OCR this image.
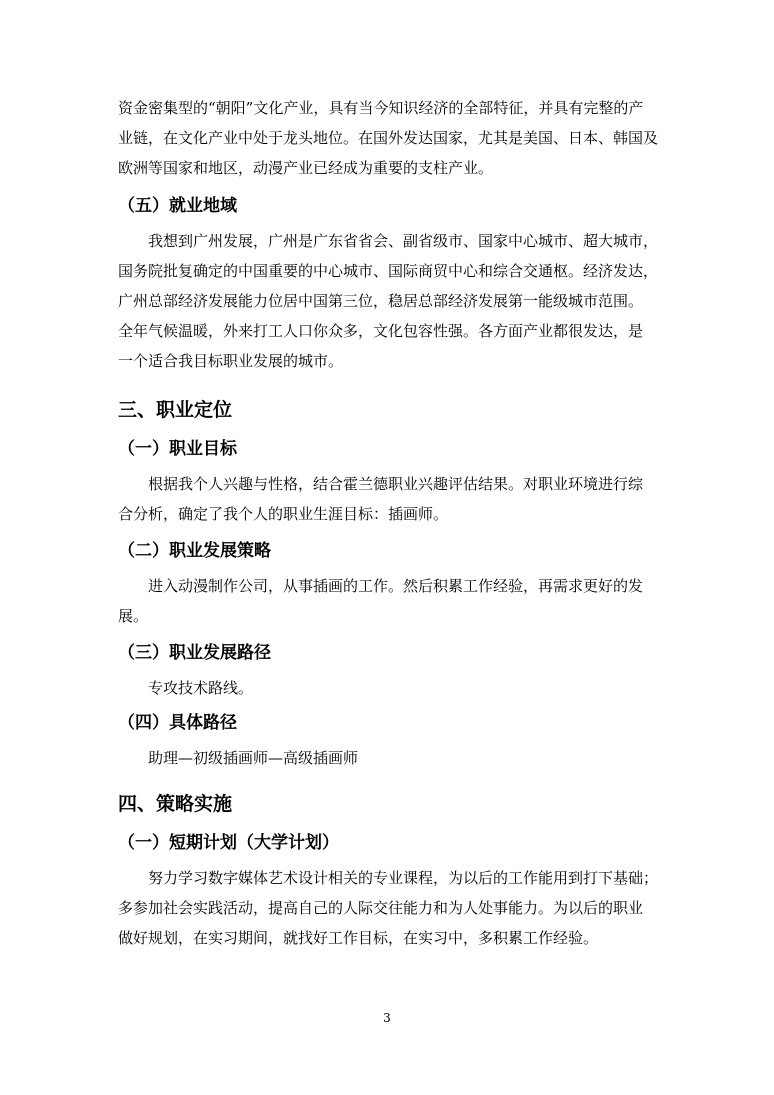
资金密集型的“朝阳”文化产业，具有当今知识经济的全部特征，并具有完整的产
业链，在文化产业中处于龙头地位。在国外发达国家，尤其是美国、日本、韩国及
欧洲等国家和地区，动漫产业已经成为重要的支柱产业。
（五）就业地域
我想到广州发展，广州是广东省省会、副省级市、国家中心城市、超大城市，
国务院批复确定的中国重要的中心城市、国际商贸中心和综合交通枢。经济发达，
广州总部经济发展能力位居中国第三位，稳居总部经济发展第一能级城市范围。
全年气候温暖，外来打工人口你众多，文化包容性强。各方面产业都很发达，是
一个适合我目标职业发展的城市。
三、职业定位
（一）职业目标
根据我个人兴趣与性格，结合霍兰德职业兴趣评估结果。对职业环境进行综
合分析，确定了我个人的职业生涯目标：插画师。
（二）职业发展策略
进入动漫制作公司，从事插画的工作。然后积累工作经验，再需求更好的发
展。
（三）职业发展路径
专攻技术路线。
（四）具体路径
助理—初级插画师—高级插画师
四、策略实施
（一）短期计划（大学计划）
努力学习数字媒体艺术设计相关的专业课程，为以后的工作能用到打下基础；
多参加社会实践活动，提高自己的人际交往能力和为人处事能力。为以后的职业
做好规划，在实习期间，就找好工作目标，在实习中，多积累工作经验。
3
